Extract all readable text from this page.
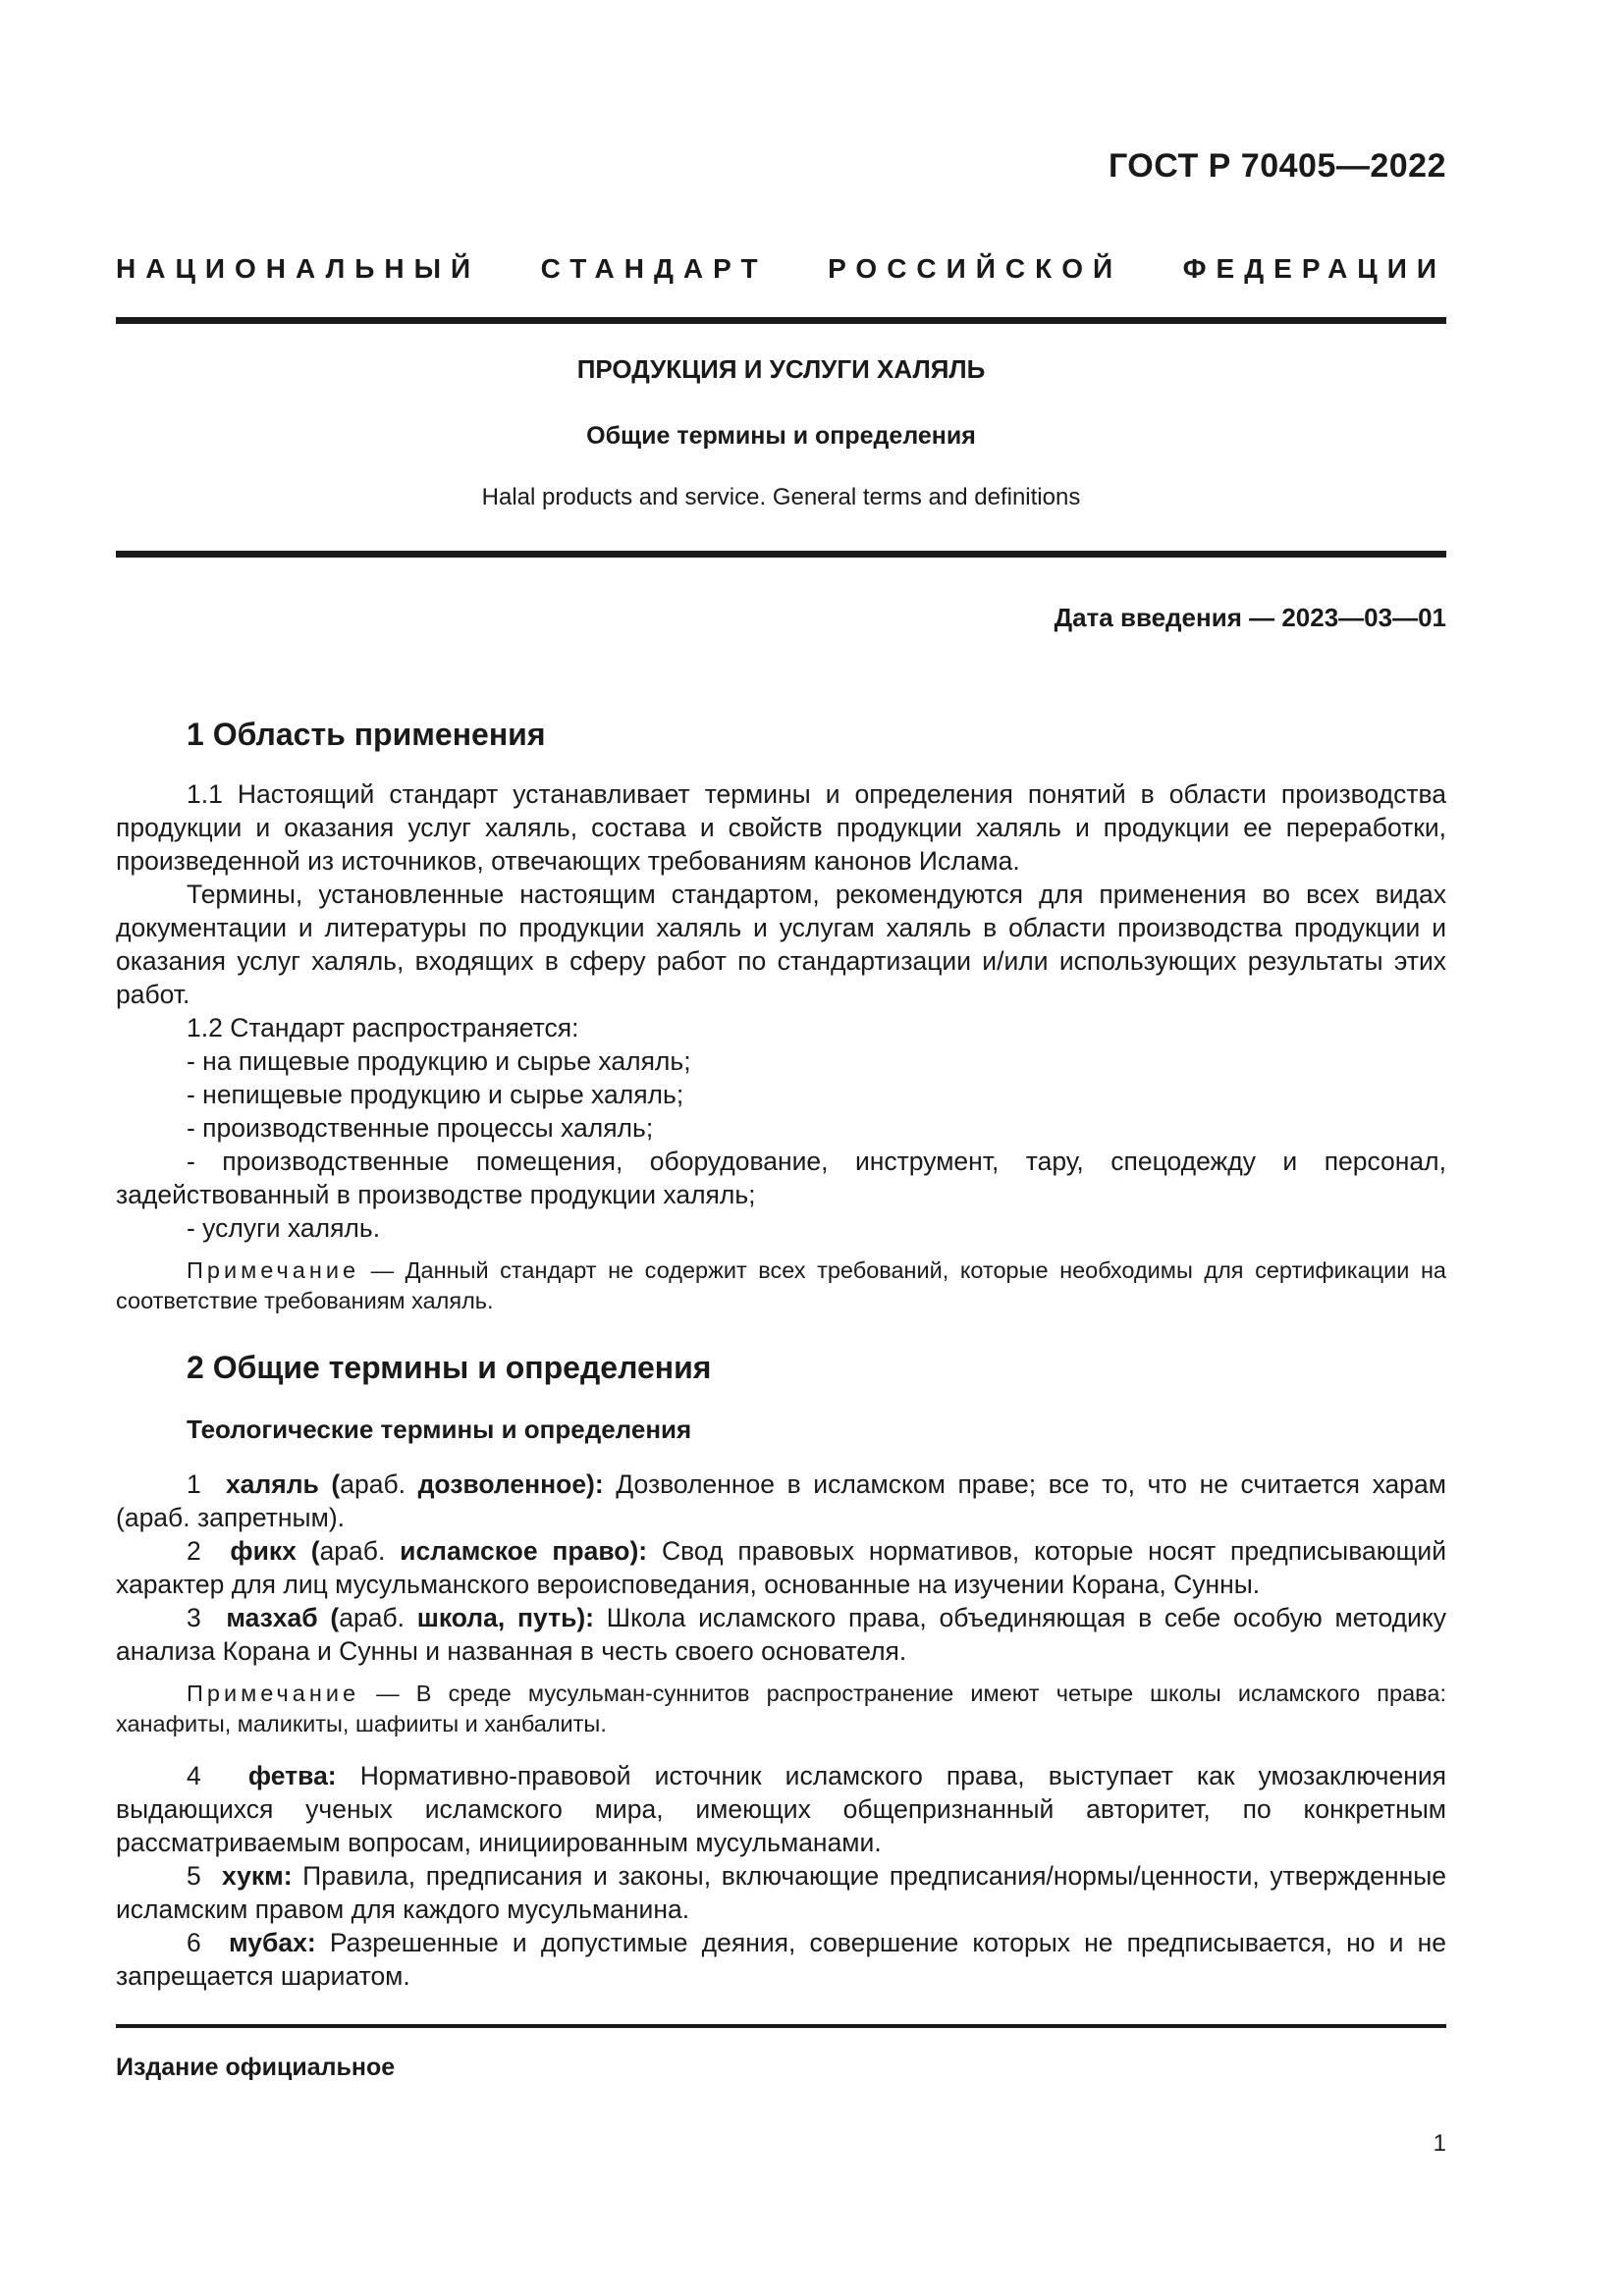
ГОСТ Р 70405—2022
НАЦИОНАЛЬНЫЙ СТАНДАРТ РОССИЙСКОЙ ФЕДЕРАЦИИ
ПРОДУКЦИЯ И УСЛУГИ ХАЛЯЛЬ
Общие термины и определения
Halal products and service. General terms and definitions
Дата введения — 2023—03—01
1 Область применения

1.1 Настоящий стандарт устанавливает термины и определения понятий в области производства продукции и оказания услуг халяль, состава и свойств продукции халяль и продукции ее переработки, произведенной из источников, отвечающих требованиям канонов Ислама.

Термины, установленные настоящим стандартом, рекомендуются для применения во всех видах документации и литературы по продукции халяль и услугам халяль в области производства продукции и оказания услуг халяль, входящих в сферу работ по стандартизации и/или использующих результаты этих работ.

1.2 Стандарт распространяется:

- на пищевые продукцию и сырье халяль;

- непищевые продукцию и сырье халяль;

- производственные процессы халяль;

- производственные помещения, оборудование, инструмент, тару, спецодежду и персонал, задействованный в производстве продукции халяль;

- услуги халяль.

Примечание — Данный стандарт не содержит всех требований, которые необходимы для сертификации на соответствие требованиям халяль.
2 Общие термины и определения
Теологические термины и определения

1 халяль (араб. дозволенное): Дозволенное в исламском праве; все то, что не считается харам (араб. запретным).

2 фикх (араб. исламское право): Свод правовых нормативов, которые носят предписывающий характер для лиц мусульманского вероисповедания, основанные на изучении Корана, Сунны.

3 мазхаб (араб. школа, путь): Школа исламского права, объединяющая в себе особую методику анализа Корана и Сунны и названная в честь своего основателя.

Примечание — В среде мусульман-суннитов распространение имеют четыре школы исламского права: ханафиты, маликиты, шафииты и ханбалиты.

4 фетва: Нормативно-правовой источник исламского права, выступает как умозаключения выдающихся ученых исламского мира, имеющих общепризнанный авторитет, по конкретным рассматриваемым вопросам, инициированным мусульманами.

5 хукм: Правила, предписания и законы, включающие предписания/нормы/ценности, утвержденные исламским правом для каждого мусульманина.

6 мубах: Разрешенные и допустимые деяния, совершение которых не предписывается, но и не запрещается шариатом.

Издание официальное
1
